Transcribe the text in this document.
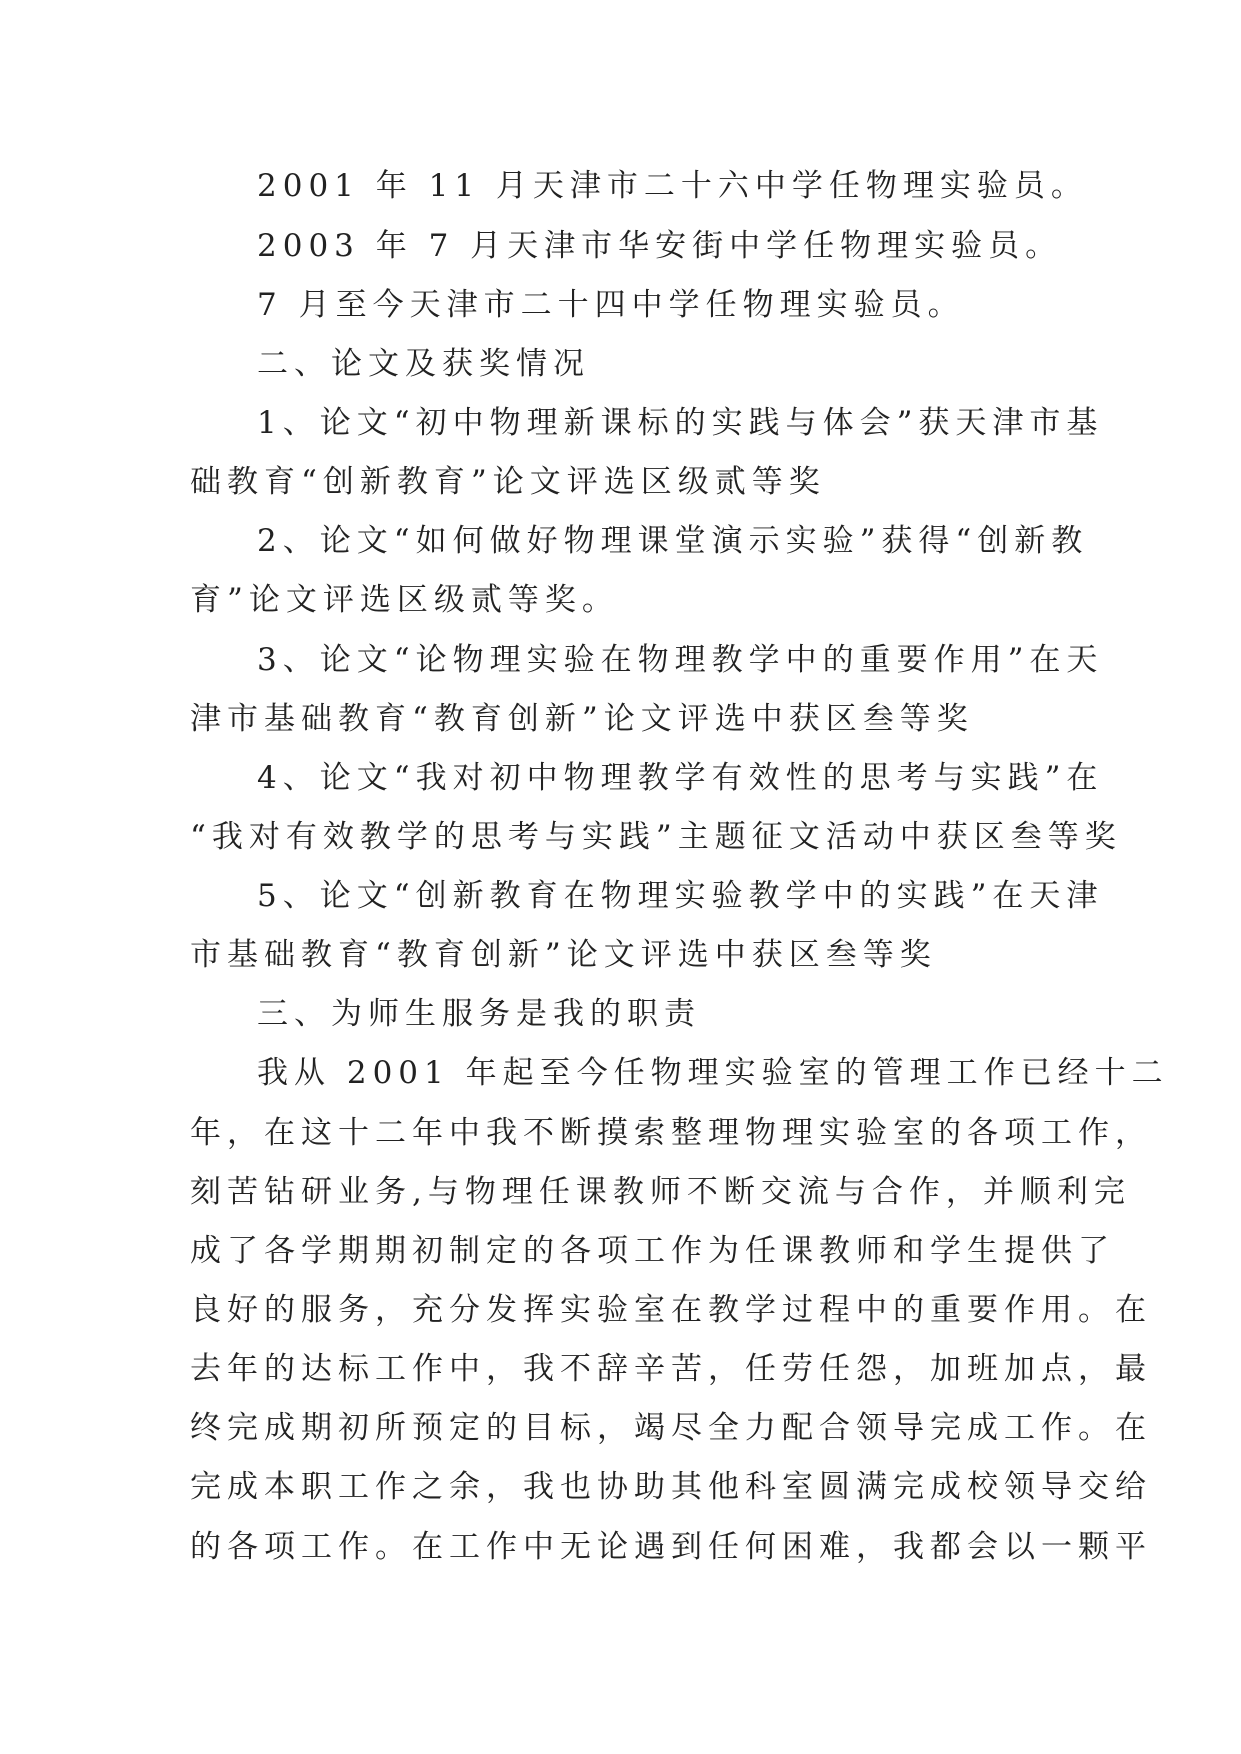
2001 年 11 月天津市二十六中学任物理实验员。
2003 年 7 月天津市华安街中学任物理实验员。
7 月至今天津市二十四中学任物理实验员。
二、论文及获奖情况
1、论文“初中物理新课标的实践与体会”获天津市基
础教育“创新教育”论文评选区级贰等奖
2、论文“如何做好物理课堂演示实验”获得“创新教
育”论文评选区级贰等奖。
3、论文“论物理实验在物理教学中的重要作用”在天
津市基础教育“教育创新”论文评选中获区叁等奖
4、论文“我对初中物理教学有效性的思考与实践”在
“我对有效教学的思考与实践”主题征文活动中获区叁等奖
5、论文“创新教育在物理实验教学中的实践”在天津
市基础教育“教育创新”论文评选中获区叁等奖
三、为师生服务是我的职责
我从 2001 年起至今任物理实验室的管理工作已经十二
年，在这十二年中我不断摸索整理物理实验室的各项工作，
刻苦钻研业务,与物理任课教师不断交流与合作，并顺利完
成了各学期期初制定的各项工作为任课教师和学生提供了
良好的服务，充分发挥实验室在教学过程中的重要作用。在
去年的达标工作中，我不辞辛苦，任劳任怨，加班加点，最
终完成期初所预定的目标，竭尽全力配合领导完成工作。在
完成本职工作之余，我也协助其他科室圆满完成校领导交给
的各项工作。在工作中无论遇到任何困难，我都会以一颗平
